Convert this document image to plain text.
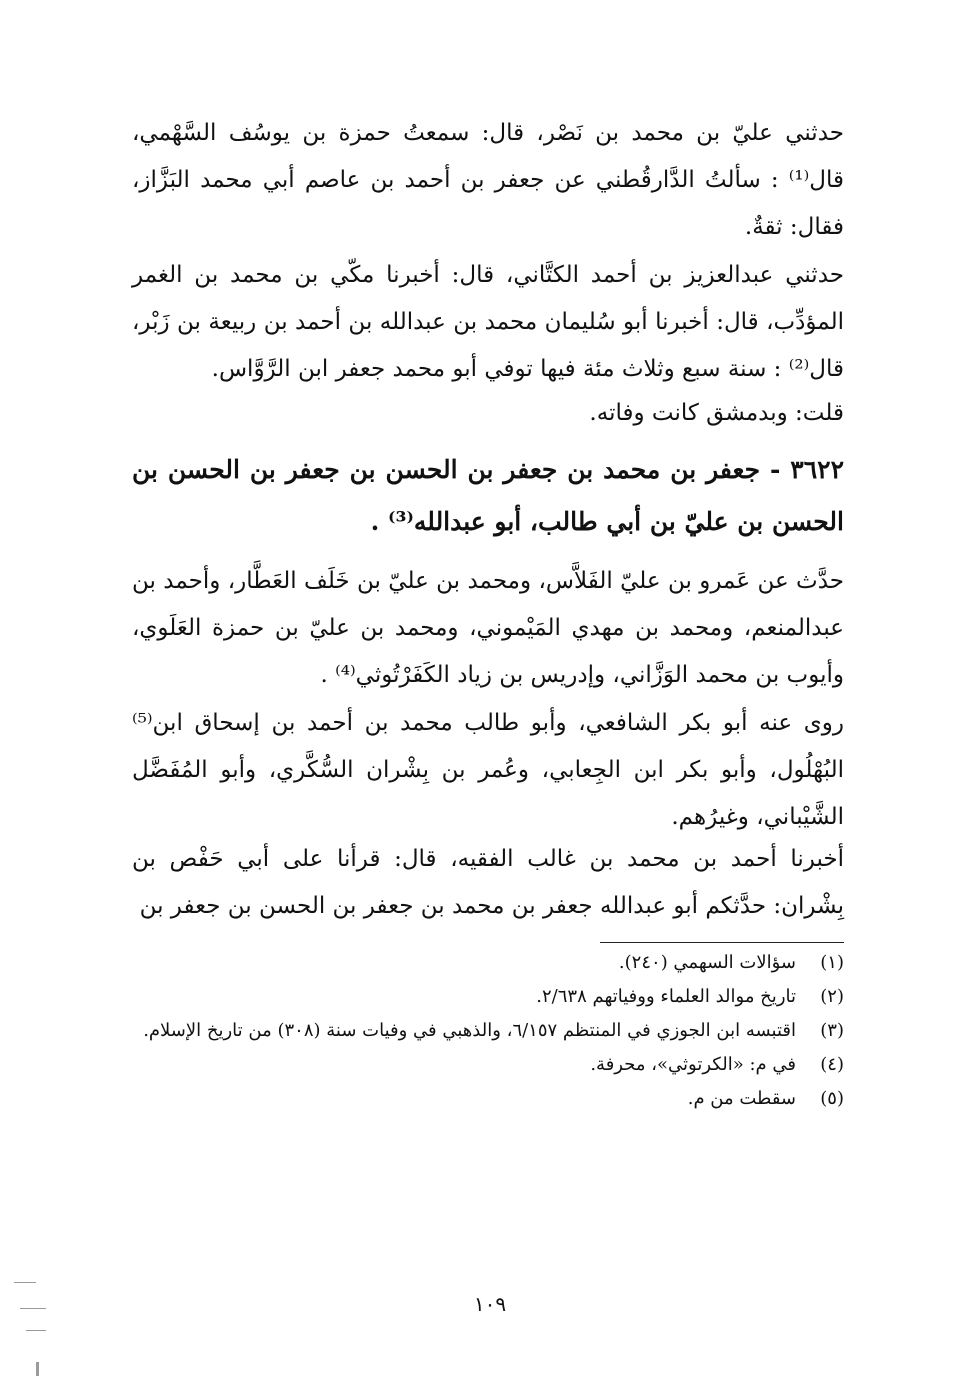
حدثني عليّ بن محمد بن نَصْر، قال: سمعتُ حمزة بن يوسُف السَّهْمي، قال⁽¹⁾ : سألتُ الدَّارقُطني عن جعفر بن أحمد بن عاصم أبي محمد البَزَّاز، فقال: ثقةٌ.
حدثني عبدالعزيز بن أحمد الكتَّاني، قال: أخبرنا مكّي بن محمد بن الغمر المؤدِّب، قال: أخبرنا أبو سُليمان محمد بن عبدالله بن أحمد بن ربيعة بن زَبْر، قال⁽²⁾ : سنة سبع وثلاث مئة فيها توفي أبو محمد جعفر ابن الرَّوَّاس.
قلت: وبدمشق كانت وفاته.
٣٦٢٢ - جعفر بن محمد بن جعفر بن الحسن بن جعفر بن الحسن بن الحسن بن عليّ بن أبي طالب، أبو عبدالله⁽³⁾ .
حدَّث عن عَمرو بن عليّ الفَلاَّس، ومحمد بن عليّ بن خَلَف العَطَّار، وأحمد بن عبدالمنعم، ومحمد بن مهدي المَيْموني، ومحمد بن عليّ بن حمزة العَلَوي، وأيوب بن محمد الوَزَّاني، وإدريس بن زياد الكَفَرْتُوثي⁽⁴⁾ .
روى عنه أبو بكر الشافعي، وأبو طالب محمد بن أحمد بن إسحاق ابن⁽⁵⁾ البُهْلُول، وأبو بكر ابن الجِعابي، وعُمر بن بِشْران السُّكَّري، وأبو المُفَضَّل الشَّيْباني، وغيرُهم.
أخبرنا أحمد بن محمد بن غالب الفقيه، قال: قرأنا على أبي حَفْص بن بِشْران: حدَّثكم أبو عبدالله جعفر بن محمد بن جعفر بن الحسن بن جعفر بن
(١)
سؤالات السهمي (٢٤٠).
(٢)
تاريخ موالد العلماء ووفياتهم ٢/٦٣٨.
(٣)
اقتبسه ابن الجوزي في المنتظم ٦/١٥٧، والذهبي في وفيات سنة (٣٠٨) من تاريخ الإسلام.
(٤)
في م: «الكرتوثي»، محرفة.
(٥)
سقطت من م.
١٠٩
